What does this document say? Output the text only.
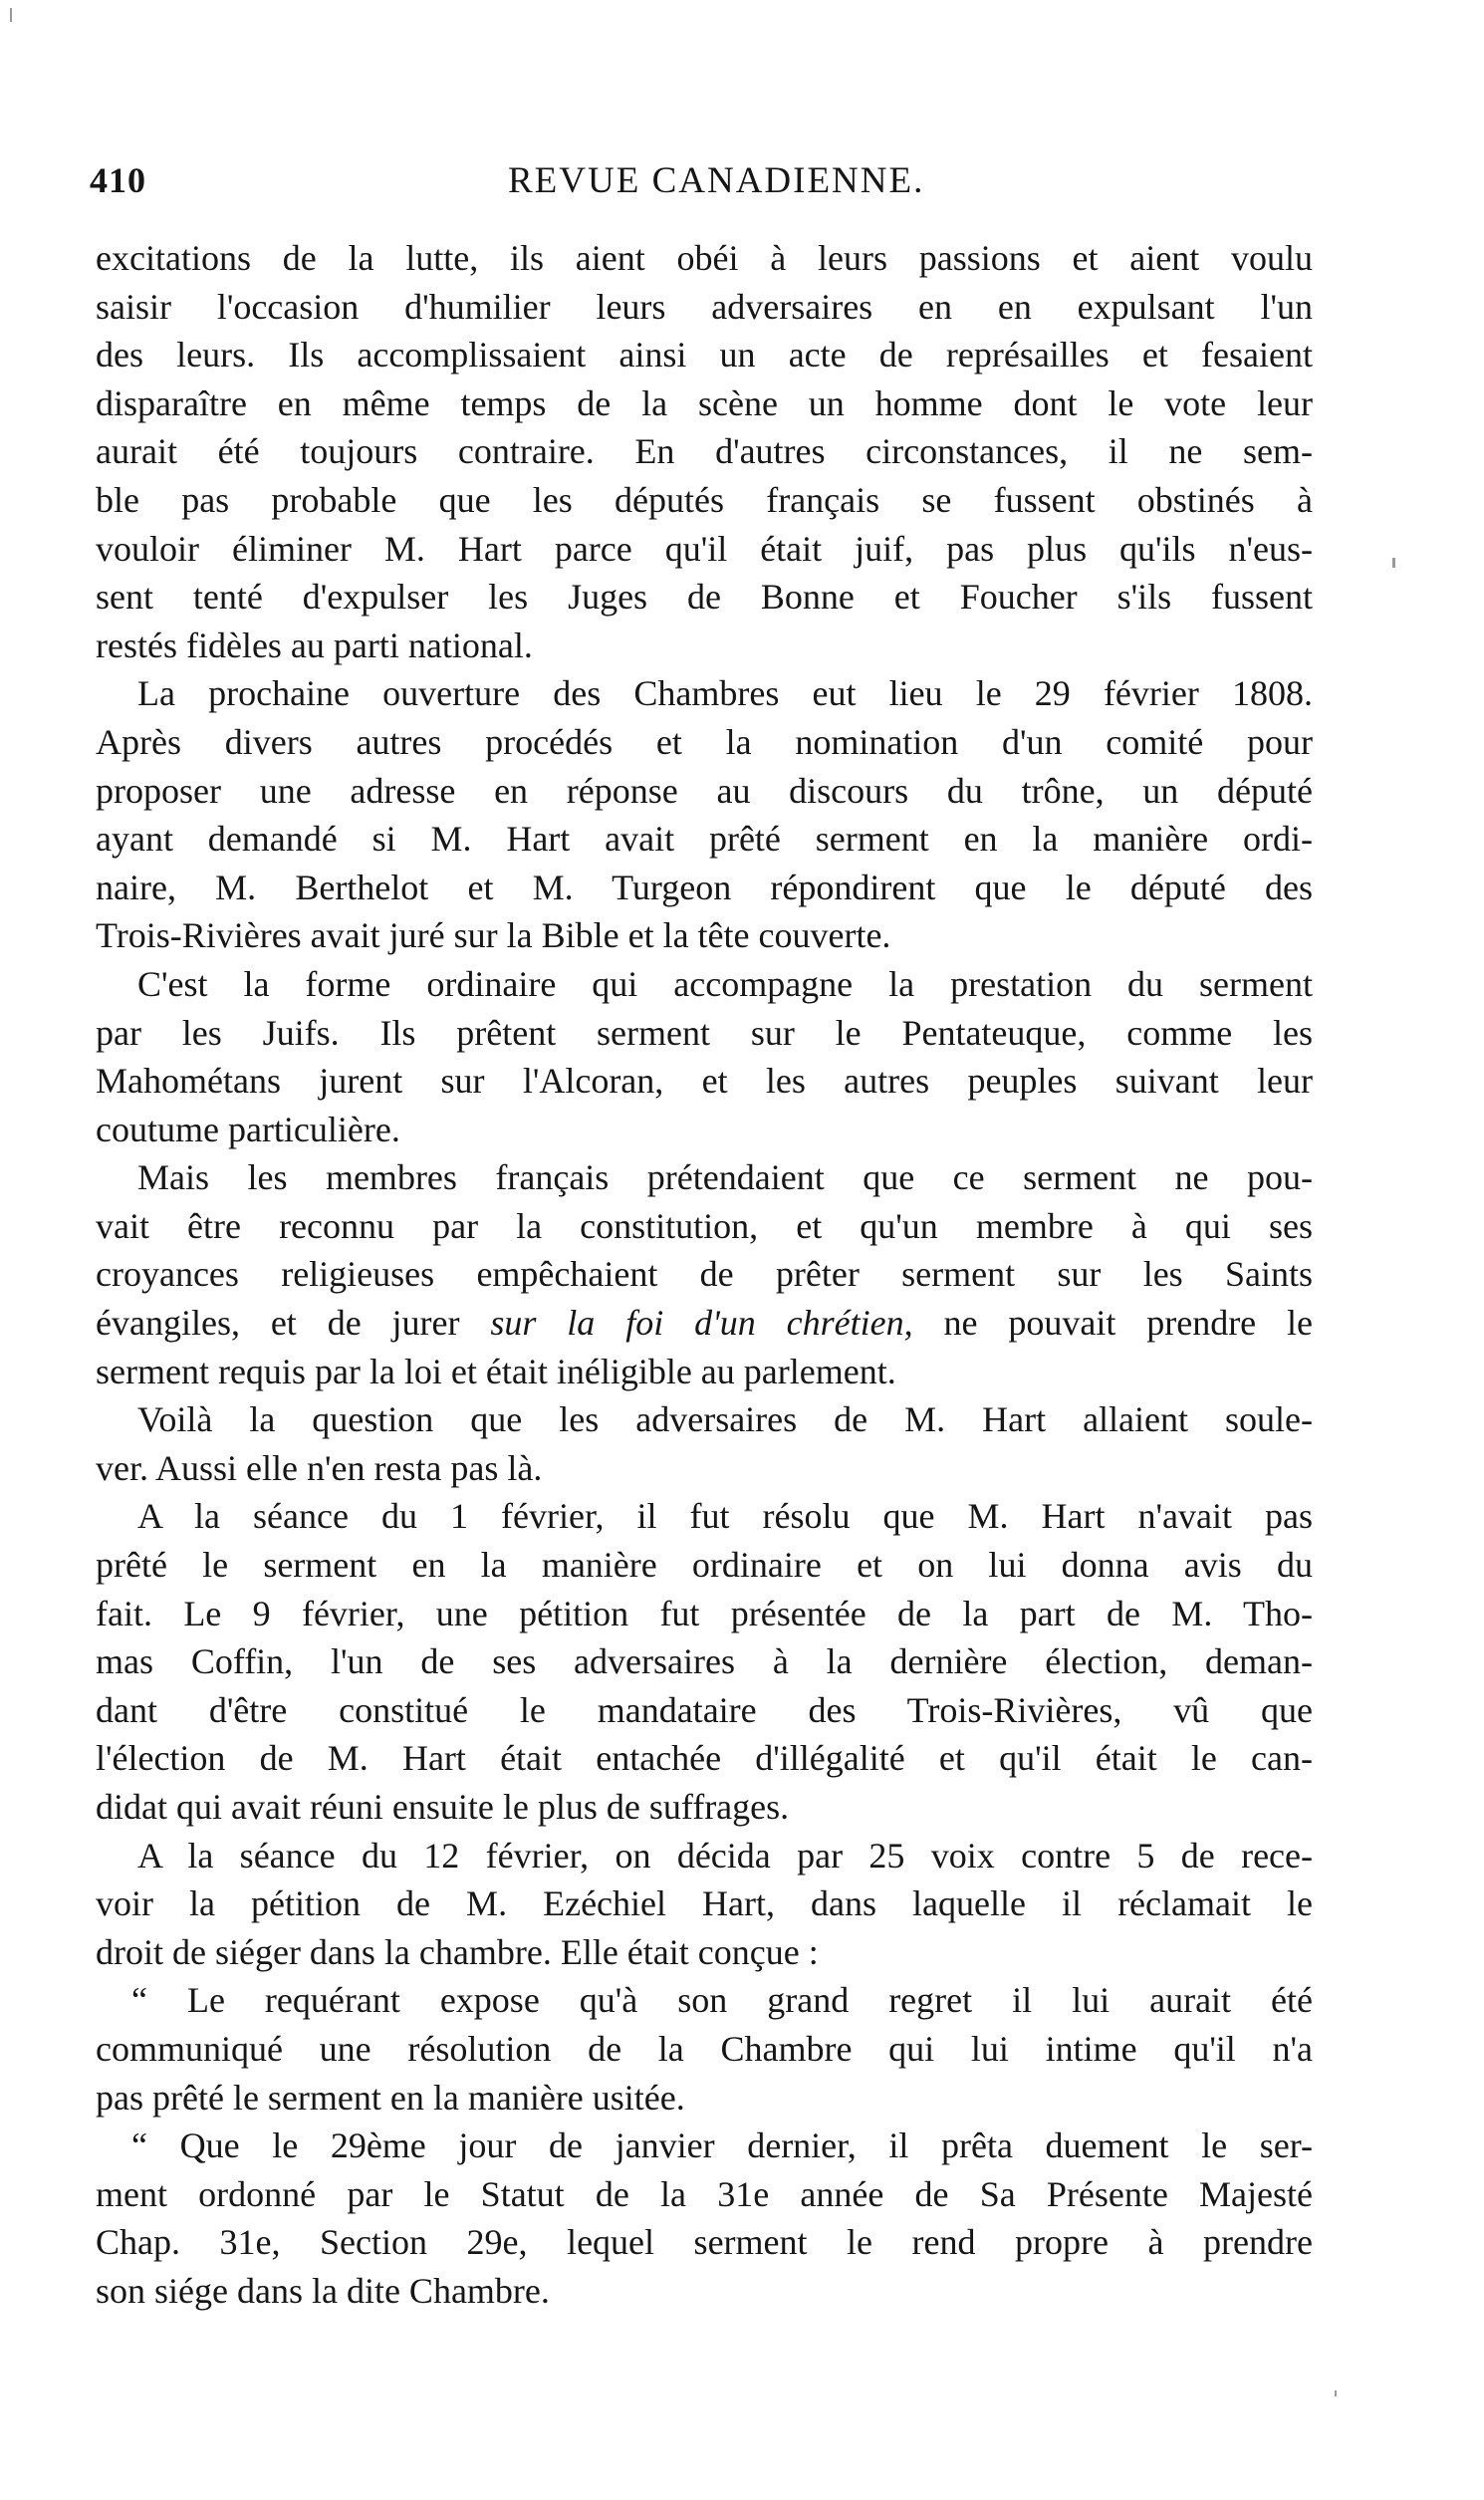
410	REVUE CANADIENNE.
excitations de la lutte, ils aient obéi à leurs passions et aient voulu
saisir l'occasion d'humilier leurs adversaires en en expulsant l'un
des leurs. Ils accomplissaient ainsi un acte de représailles et fesaient
disparaître en même temps de la scène un homme dont le vote leur
aurait été toujours contraire. En d'autres circonstances, il ne sem-
ble pas probable que les députés français se fussent obstinés à
vouloir éliminer M. Hart parce qu'il était juif, pas plus qu'ils n'eus-
sent tenté d'expulser les Juges de Bonne et Foucher s'ils fussent
restés fidèles au parti national.
La prochaine ouverture des Chambres eut lieu le 29 février 1808.
Après divers autres procédés et la nomination d'un comité pour
proposer une adresse en réponse au discours du trône, un député
ayant demandé si M. Hart avait prêté serment en la manière ordi-
naire, M. Berthelot et M. Turgeon répondirent que le député des
Trois-Rivières avait juré sur la Bible et la tête couverte.
C'est la forme ordinaire qui accompagne la prestation du serment
par les Juifs. Ils prêtent serment sur le Pentateuque, comme les
Mahométans jurent sur l'Alcoran, et les autres peuples suivant leur
coutume particulière.
Mais les membres français prétendaient que ce serment ne pou-
vait être reconnu par la constitution, et qu'un membre à qui ses
croyances religieuses empêchaient de prêter serment sur les Saints
évangiles, et de jurer sur la foi d'un chrétien, ne pouvait prendre le
serment requis par la loi et était inéligible au parlement.
Voilà la question que les adversaires de M. Hart allaient soule-
ver. Aussi elle n'en resta pas là.
A la séance du 1 février, il fut résolu que M. Hart n'avait pas
prêté le serment en la manière ordinaire et on lui donna avis du
fait. Le 9 février, une pétition fut présentée de la part de M. Tho-
mas Coffin, l'un de ses adversaires à la dernière élection, deman-
dant d'être constitué le mandataire des Trois-Rivières, vû que
l'élection de M. Hart était entachée d'illégalité et qu'il était le can-
didat qui avait réuni ensuite le plus de suffrages.
A la séance du 12 février, on décida par 25 voix contre 5 de rece-
voir la pétition de M. Ezéchiel Hart, dans laquelle il réclamait le
droit de siéger dans la chambre. Elle était conçue :
“ Le requérant expose qu'à son grand regret il lui aurait été
communiqué une résolution de la Chambre qui lui intime qu'il n'a
pas prêté le serment en la manière usitée.
“ Que le 29ème jour de janvier dernier, il prêta duement le ser-
ment ordonné par le Statut de la 31e année de Sa Présente Majesté
Chap. 31e, Section 29e, lequel serment le rend propre à prendre
son siége dans la dite Chambre.
